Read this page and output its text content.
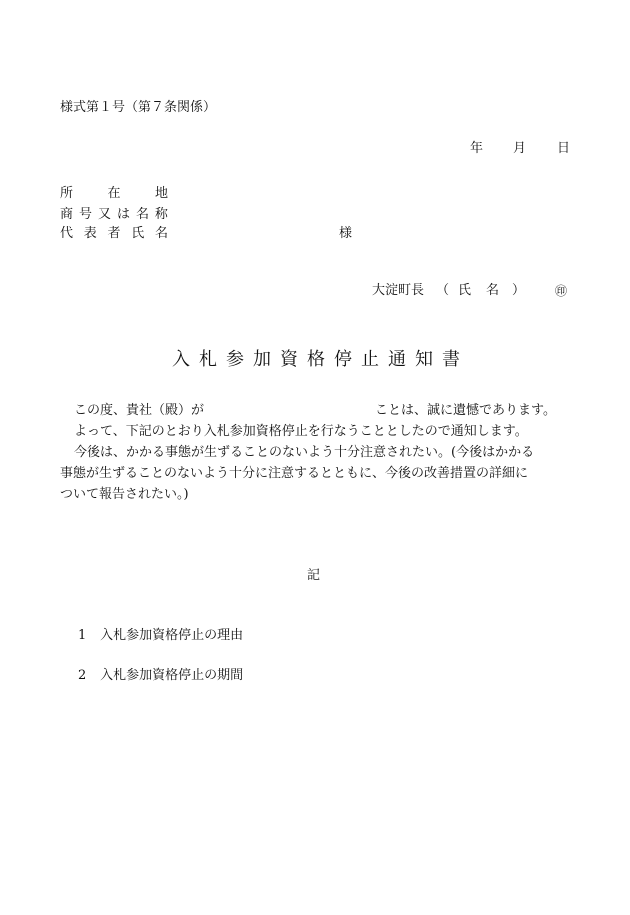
様式第１号（第７条関係）
年 月 日
所	在	地
商 号 又 は 名 称
代 表 者 氏 名	様
大淀町長 （ 氏 名 ） ㊞
入 札 参 加 資 格 停 止 通 知 書
この度、貴社（殿）が	ことは、誠に遺憾であります。
よって、下記のとおり入札参加資格停止を行なうこととしたので通知します。
今後は、かかる事態が生ずることのないよう十分注意されたい。(今後はかかる
事態が生ずることのないよう十分に注意するとともに、今後の改善措置の詳細に
ついて報告されたい。)
記
1 入札参加資格停止の理由
2 入札参加資格停止の期間
